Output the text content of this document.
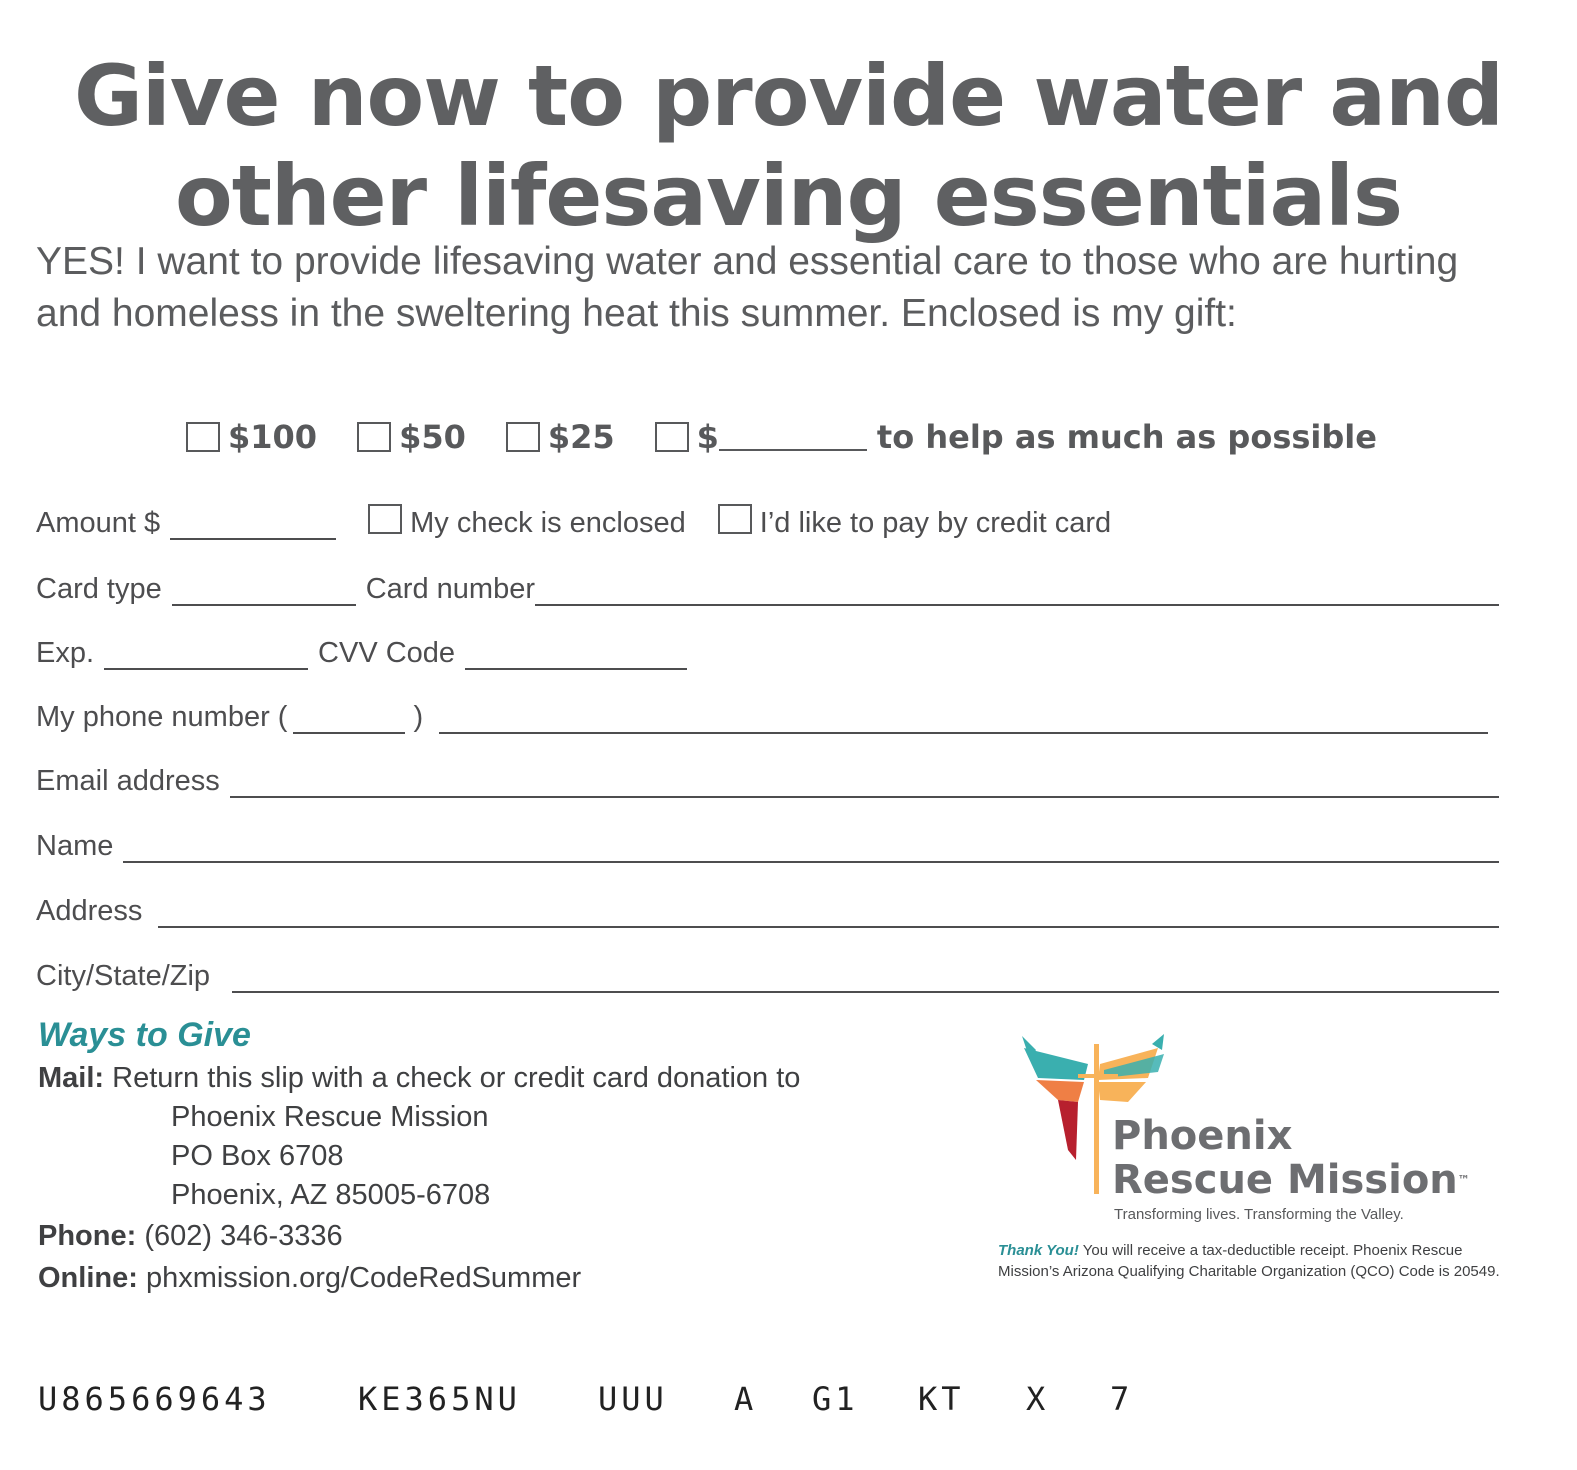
Give now to provide water and
other lifesaving essentials
YES! I want to provide lifesaving water and essential care to those who are hurting and homeless in the sweltering heat this summer. Enclosed is my gift:
$100	$50	$25	$	to help as much as possible
Amount $	My check is enclosed	I’d like to pay by credit card
Card type	Card number
Exp.	CVV Code
My phone number (	)
Email address
Name
Address
City/State/Zip
Ways to Give
Mail: Return this slip with a check or credit card donation to
Phoenix Rescue Mission
PO Box 6708
Phoenix, AZ 85005-6708
Phone: (602) 346-3336
Online: phxmission.org/CodeRedSummer
Phoenix
Rescue Mission™
Transforming lives. Transforming the Valley.
Thank You! You will receive a tax-deductible receipt. Phoenix Rescue Mission’s Arizona Qualifying Charitable Organization (QCO) Code is 20549.
U865669643	KE365NU UUU A G1 KT X 7
